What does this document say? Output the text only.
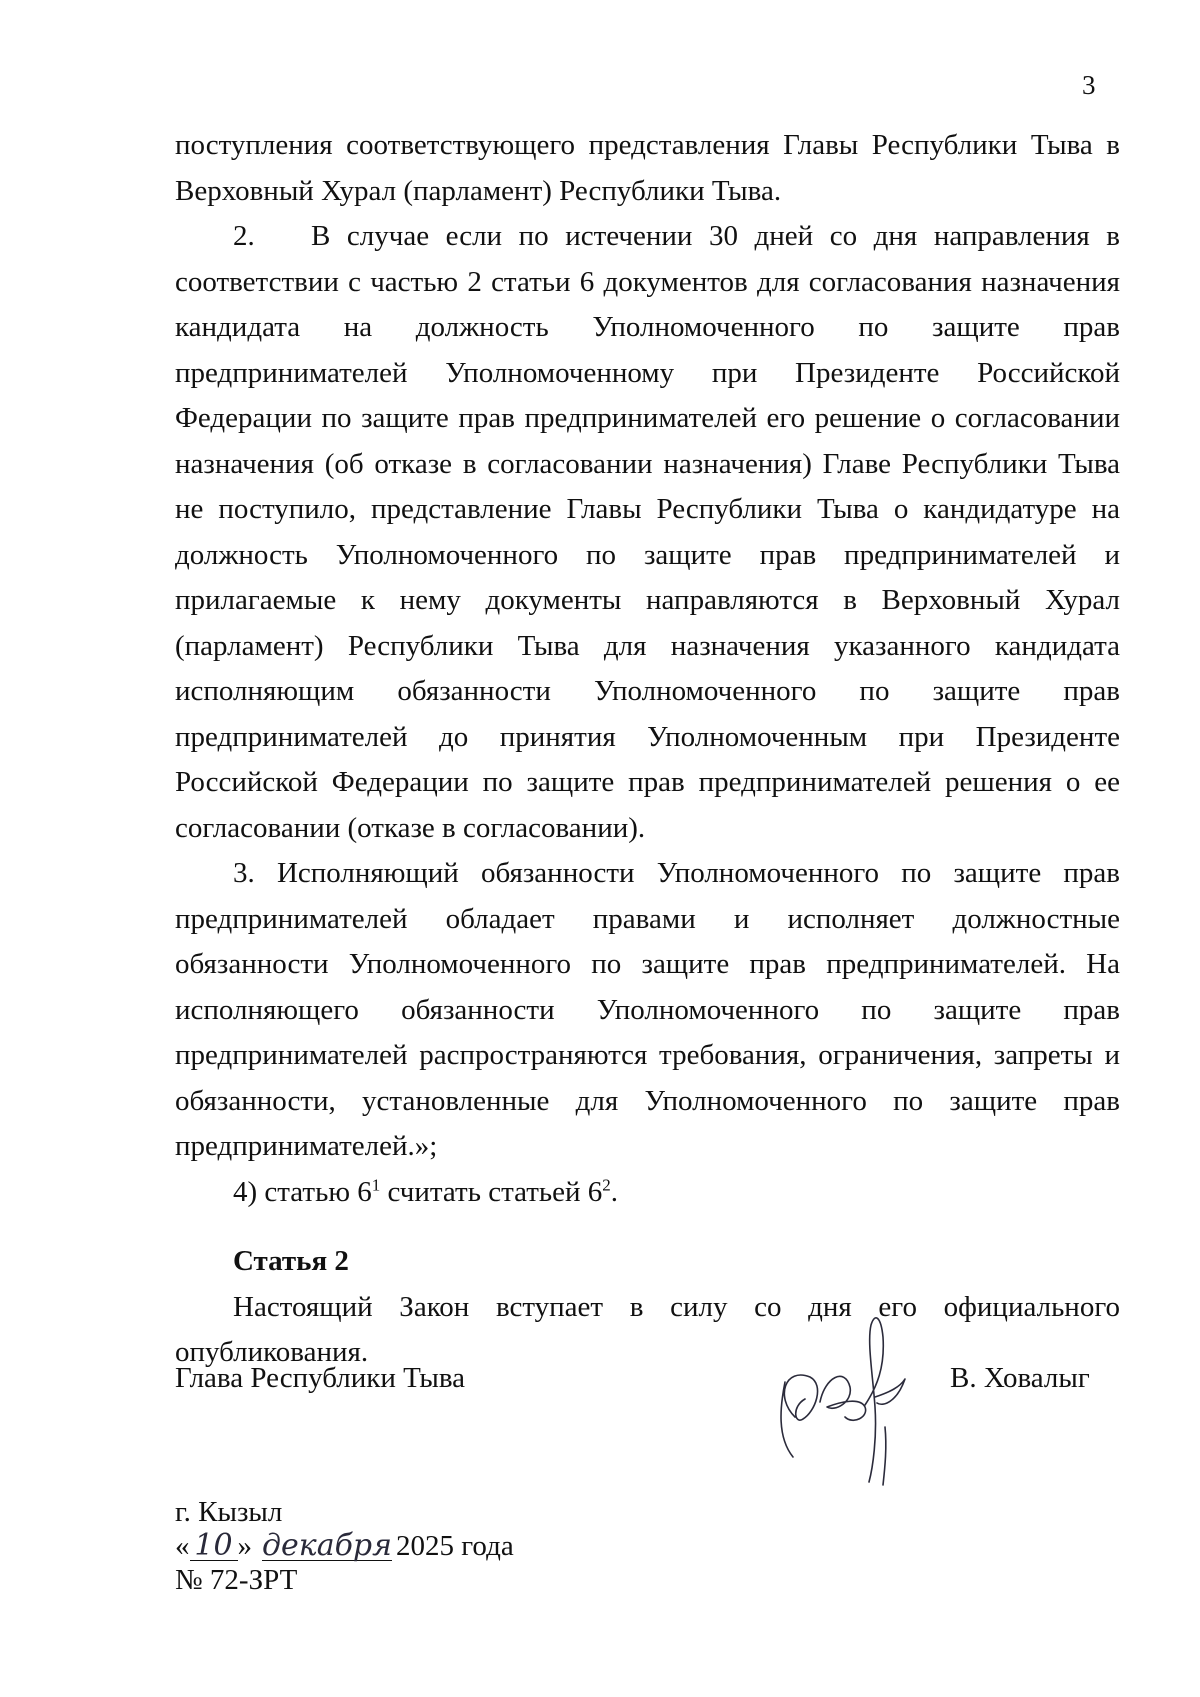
3

поступления соответствующего представления Главы Республики Тыва в Верховный Хурал (парламент) Республики Тыва.

2. В случае если по истечении 30 дней со дня направления в соответствии с частью 2 статьи 6 документов для согласования назначения кандидата на должность Уполномоченного по защите прав предпринимателей Уполномоченному при Президенте Российской Федерации по защите прав предпринимателей его решение о согласовании назначения (об отказе в согласовании назначения) Главе Республики Тыва не поступило, представление Главы Республики Тыва о кандидатуре на должность Уполномоченного по защите прав предпринимателей и прилагаемые к нему документы направляются в Верховный Хурал (парламент) Республики Тыва для назначения указанного кандидата исполняющим обязанности Уполномоченного по защите прав предпринимателей до принятия Уполномоченным при Президенте Российской Федерации по защите прав предпринимателей решения о ее согласовании (отказе в согласовании).

3. Исполняющий обязанности Уполномоченного по защите прав предпринимателей обладает правами и исполняет должностные обязанности Уполномоченного по защите прав предпринимателей. На исполняющего обязанности Уполномоченного по защите прав предпринимателей распространяются требования, ограничения, запреты и обязанности, установленные для Уполномоченного по защите прав предпринимателей.»;

4) статью $6^1$ считать статьей $6^2$.

Статья 2

Настоящий Закон вступает в силу со дня его официального опубликования.

Глава Республики Тыва	В. Ховалыг
г. Кызыл
« 10 » декабря 2025 года
№ 72-ЗРТ
